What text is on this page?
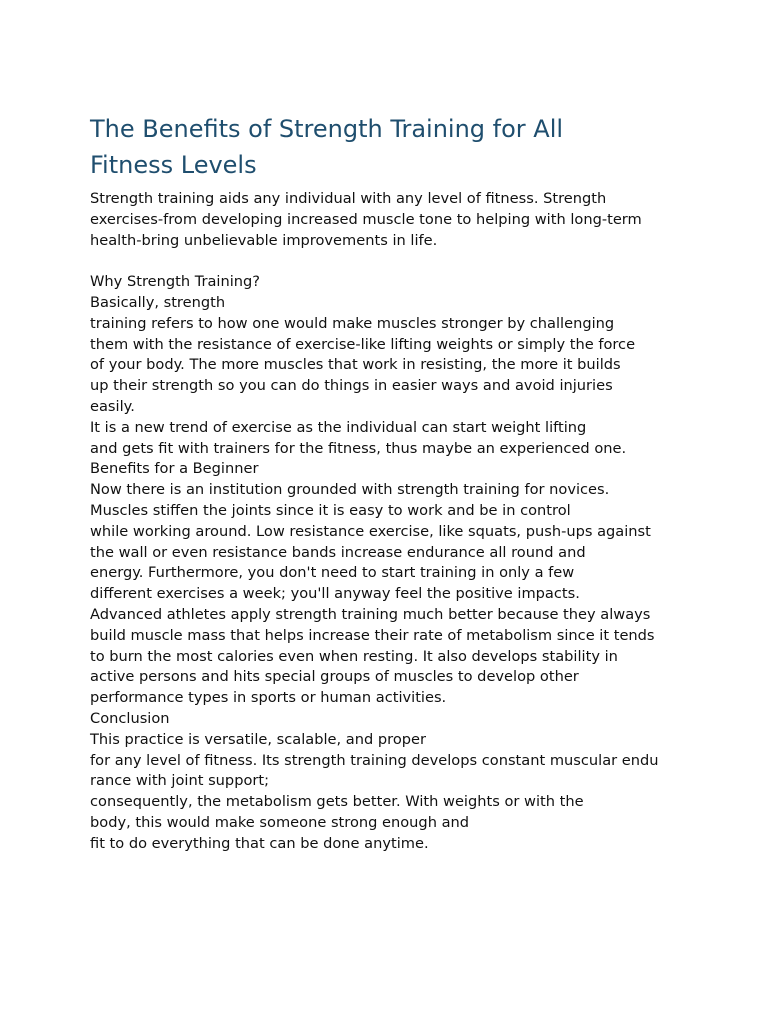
The Benefits of Strength Training for All
Fitness Levels
Strength training aids any individual with any level of fitness. Strength
exercises-from developing increased muscle tone to helping with long-term
health-bring unbelievable improvements in life.
Why Strength Training?
Basically, strength
training refers to how one would make muscles stronger by challenging
them with the resistance of exercise-like lifting weights or simply the force
of your body. The more muscles that work in resisting, the more it builds
up their strength so you can do things in easier ways and avoid injuries
easily.
It is a new trend of exercise as the individual can start weight lifting
and gets fit with trainers for the fitness, thus maybe an experienced one.
Benefits for a Beginner
Now there is an institution grounded with strength training for novices.
Muscles stiffen the joints since it is easy to work and be in control
while working around. Low resistance exercise, like squats, push-ups against
the wall or even resistance bands increase endurance all round and
energy. Furthermore, you don't need to start training in only a few
different exercises a week; you'll anyway feel the positive impacts.
Advanced athletes apply strength training much better because they always
build muscle mass that helps increase their rate of metabolism since it tends
to burn the most calories even when resting. It also develops stability in
active persons and hits special groups of muscles to develop other
performance types in sports or human activities.
Conclusion
This practice is versatile, scalable, and proper
for any level of fitness. Its strength training develops constant muscular endu
rance with joint support;
consequently, the metabolism gets better. With weights or with the
body, this would make someone strong enough and
fit to do everything that can be done anytime.
